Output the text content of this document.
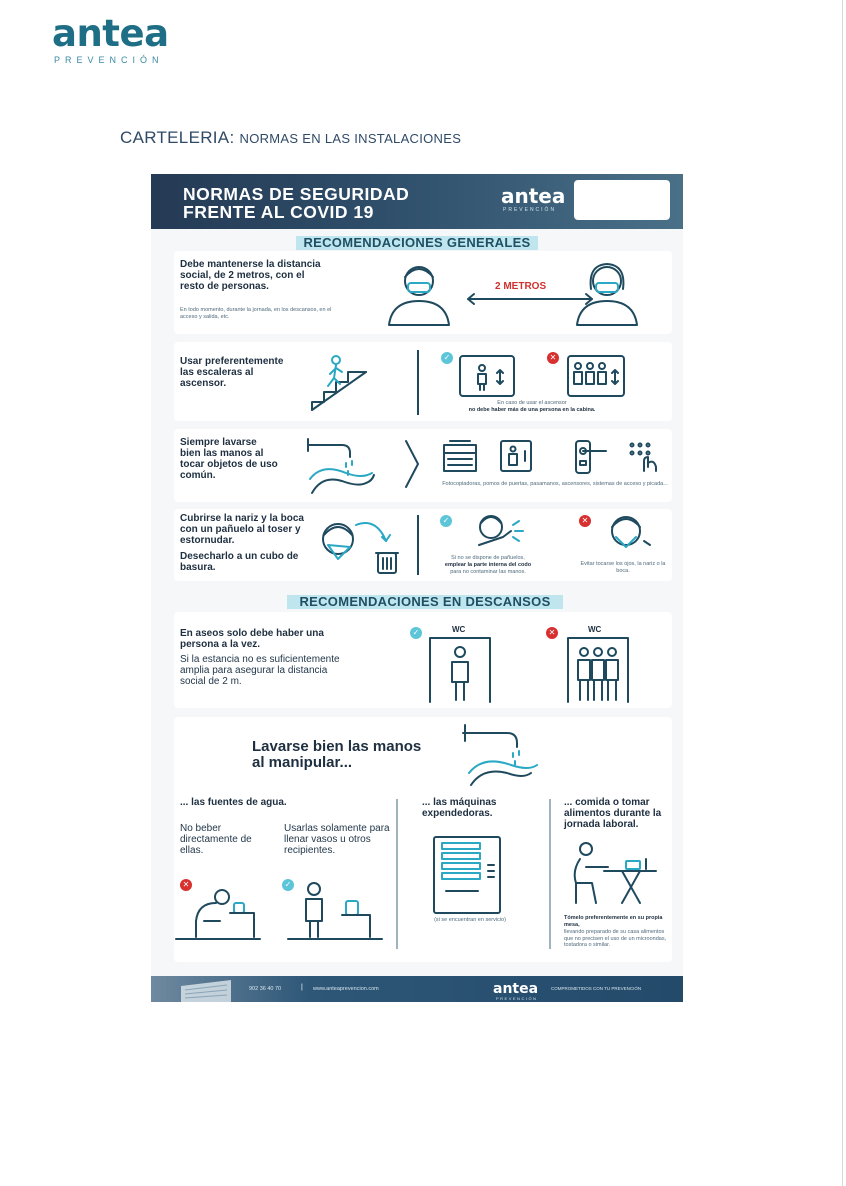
antea
PREVENCIÓN
CARTELERIA: NORMAS EN LAS INSTALACIONES
NORMAS DE SEGURIDAD
FRENTE AL COVID 19
antea
PREVENCIÓN
RECOMENDACIONES GENERALES
Debe mantenerse la distancia social, de 2 metros, con el resto de personas.
En todo momento, durante la jornada, en los descansos, en el acceso y salida, etc.
2 METROS
Usar preferentemente las escaleras al ascensor.
✓	✕
En caso de usar el ascensor
no debe haber más de una persona en la cabina.
Siempre lavarse bien las manos al tocar objetos de uso común.
Fotocopiadoras, pomos de puertas, pasamanos, ascensores, sistemas de acceso y picada...
Cubrirse la nariz y la boca con un pañuelo al toser y estornudar.
Desecharlo a un cubo de basura.
✓
Si no se dispone de pañuelos,
emplear la parte interna del codo
para no contaminar las manos.
✕
Evitar tocarse los ojos, la nariz o la boca.
RECOMENDACIONES EN DESCANSOS
En aseos solo debe haber una persona a la vez.
Si la estancia no es suficientemente amplia para asegurar la distancia social de 2 m.
✓	WC	✕	WC
Lavarse bien las manos
al manipular...
... las fuentes de agua.
No beber directamente de ellas.
Usarlas solamente para llenar vasos u otros recipientes.
✕	✓
... las máquinas expendedoras.
(si se encuentran en servicio)
... comida o tomar alimentos durante la jornada laboral.
Tómelo preferentemente en su propia mesa,
llevando preparado de su casa alimentos que no precisen el uso de un microondas, tostadora o similar.
902 36 40 70	| www.anteaprevencion.com	antea
PREVENCIÓN
COMPROMETIDOS CON TU PREVENCIÓN
